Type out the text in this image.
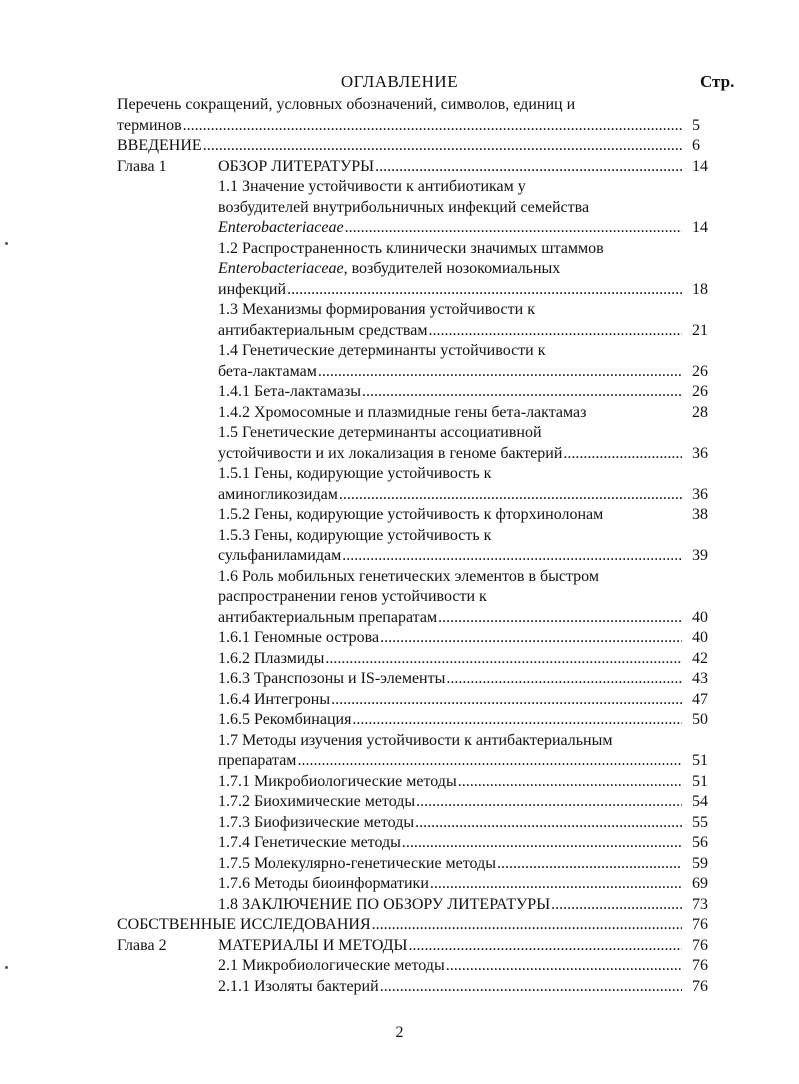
ОГЛАВЛЕНИЕ	Стр.
Перечень сокращений, условных обозначений, символов, единиц и
терминов .....	5
ВВЕДЕНИЕ .....	6
Глава 1	ОБЗОР ЛИТЕРАТУРЫ .....	14
1.1 Значение устойчивости к антибиотикам у
возбудителей внутрибольничных инфекций семейства
Enterobacteriaceae .....	14
1.2 Распространенность клинически значимых штаммов
Enterobacteriaceae, возбудителей нозокомиальных
инфекций .....	18
1.3 Механизмы формирования устойчивости к
антибактериальным средствам .....	21
1.4 Генетические детерминанты устойчивости к
бета-лактамам .....	26
1.4.1 Бета-лактамазы .....	26
1.4.2 Хромосомные и плазмидные гены бета-лактамаз	28
1.5 Генетические детерминанты ассоциативной
устойчивости и их локализация в геноме бактерий .....	36
1.5.1 Гены, кодирующие устойчивость к
аминогликозидам .....	36
1.5.2 Гены, кодирующие устойчивость к фторхинолонам	38
1.5.3 Гены, кодирующие устойчивость к
сульфаниламидам .....	39
1.6 Роль мобильных генетических элементов в быстром
распространении генов устойчивости к
антибактериальным препаратам .....	40
1.6.1 Геномные острова .....	40
1.6.2 Плазмиды .....	42
1.6.3 Транспозоны и IS-элементы .....	43
1.6.4 Интегроны .....	47
1.6.5 Рекомбинация .....	50
1.7 Методы изучения устойчивости к антибактериальным
препаратам .....	51
1.7.1 Микробиологические методы .....	51
1.7.2 Биохимические методы .....	54
1.7.3 Биофизические методы .....	55
1.7.4 Генетические методы .....	56
1.7.5 Молекулярно-генетические методы .....	59
1.7.6 Методы биоинформатики .....	69
1.8 ЗАКЛЮЧЕНИЕ ПО ОБЗОРУ ЛИТЕРАТУРЫ .....	73
СОБСТВЕННЫЕ ИССЛЕДОВАНИЯ .....	76
Глава 2	МАТЕРИАЛЫ И МЕТОДЫ .....	76
2.1 Микробиологические методы .....	76
2.1.1 Изоляты бактерий .....	76
2
